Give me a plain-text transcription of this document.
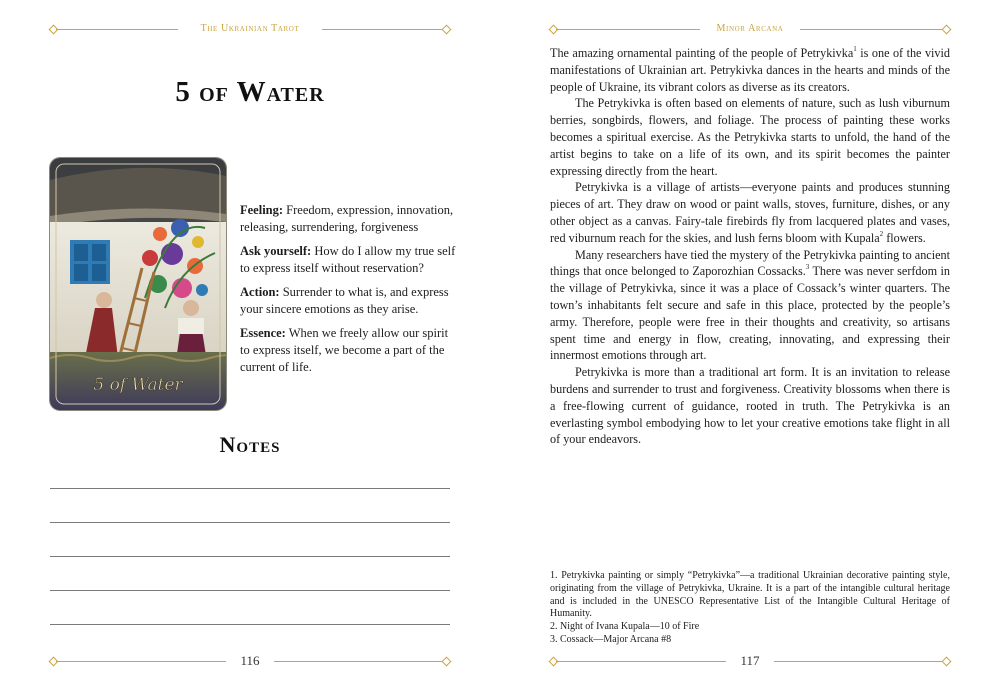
The Ukrainian Tarot
5 of Water
5 of Water

Feeling: Freedom, expression, innovation, releasing, surrendering, forgiveness

Ask yourself: How do I allow my true self to express itself without reservation?

Action: Surrender to what is, and express your sincere emotions as they arise.

Essence: When we freely allow our spirit to express itself, we become a part of the current of life.

Notes
116
Minor Arcana
117

The amazing ornamental painting of the people of Petrykivka$^1$ is one of the vivid manifestations of Ukrainian art. Petrykivka dances in the hearts and minds of the people of Ukraine, its vibrant colors as diverse as its creators.

The Petrykivka is often based on elements of nature, such as lush viburnum berries, songbirds, flowers, and foliage. The process of painting these works becomes a spiritual exercise. As the Petrykivka starts to unfold, the hand of the artist begins to take on a life of its own, and its spirit becomes the painter expressing directly from the heart.

Petrykivka is a village of artists—everyone paints and produces stunning pieces of art. They draw on wood or paint walls, stoves, furniture, dishes, or any other object as a canvas. Fairy-tale firebirds fly from lacquered plates and vases, red viburnum reach for the skies, and lush ferns bloom with Kupala$^2$ flowers.

Many researchers have tied the mystery of the Petrykivka painting to ancient things that once belonged to Zaporozhian Cossacks.$^3$ There was never serfdom in the village of Petrykivka, since it was a place of Cossack’s winter quarters. The town’s inhabitants felt secure and safe in this place, protected by the people’s army. Therefore, people were free in their thoughts and creativity, so artisans spent time and energy in flow, creating, innovating, and expressing their innermost emotions through art.

Petrykivka is more than a traditional art form. It is an invitation to release burdens and surrender to trust and forgiveness. Creativity blossoms when there is a free-flowing current of guidance, rooted in truth. The Petrykivka is an everlasting symbol embodying how to let your creative emotions take flight in all of your endeavors.

1. Petrykivka painting or simply “Petrykivka”—a traditional Ukrainian decorative painting style, originating from the village of Petrykivka, Ukraine. It is a part of the intangible cultural heritage and is included in the UNESCO Representative List of the Intangible Cultural Heritage of Humanity.

2. Night of Ivana Kupala—10 of Fire

3. Cossack—Major Arcana #8
